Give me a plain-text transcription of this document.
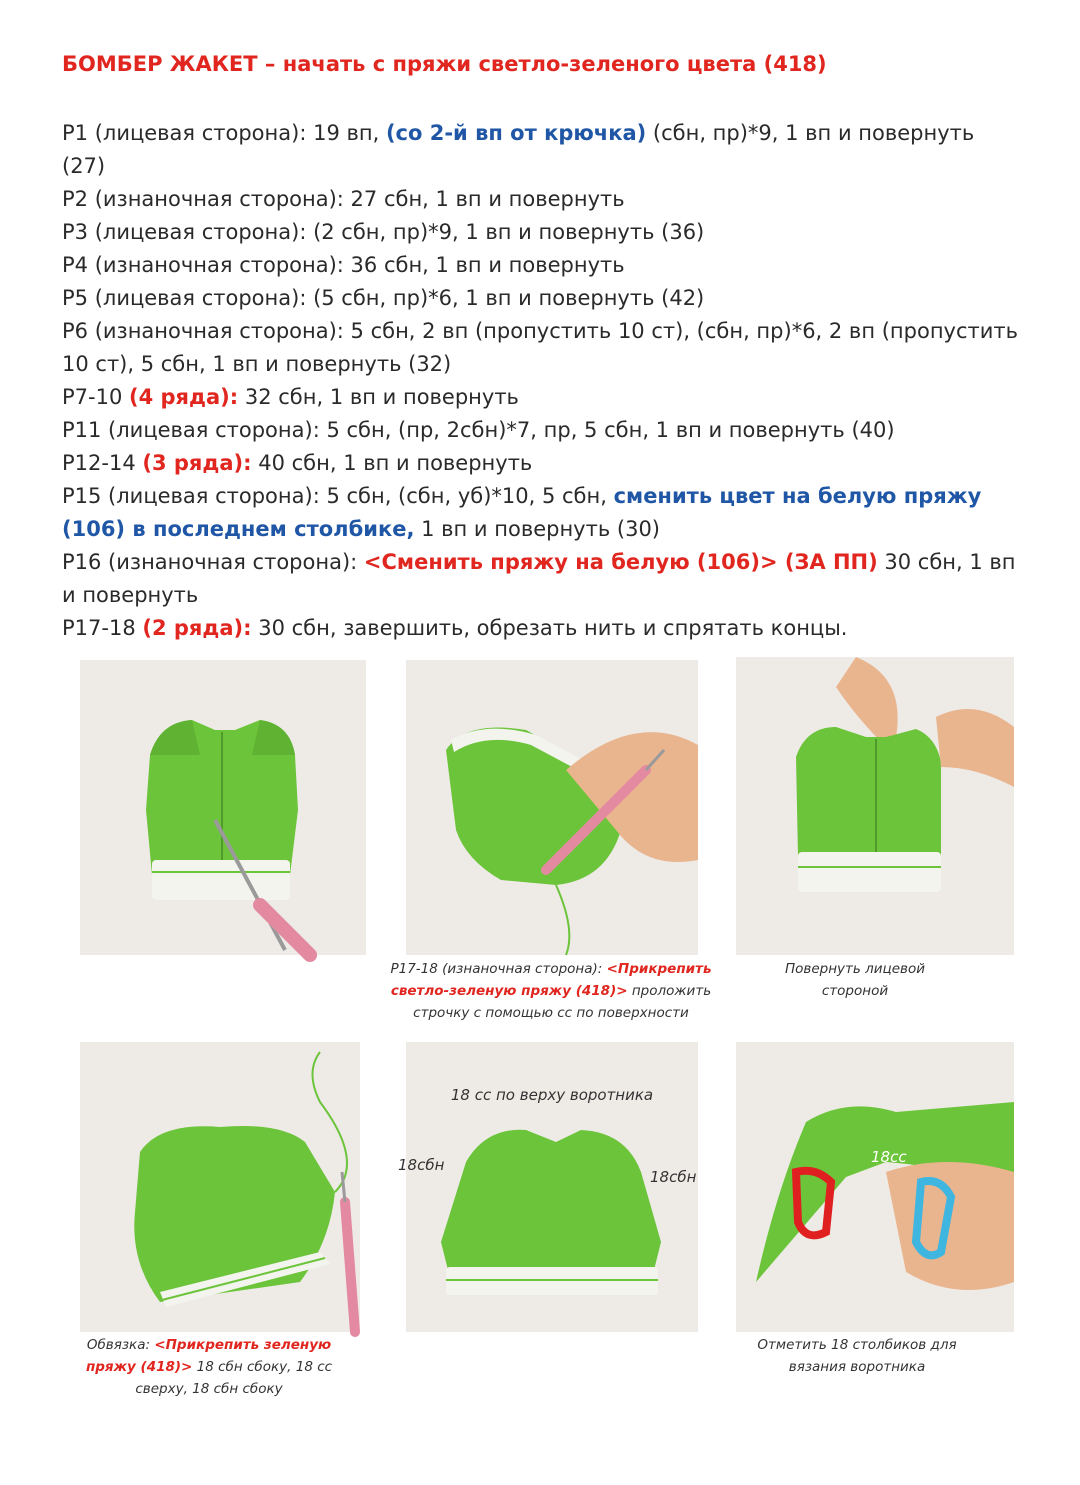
БОМБЕР ЖАКЕТ – начать с пряжи светло-зеленого цвета (418)

Р1 (лицевая сторона): 19 вп, (со 2-й вп от крючка) (сбн, пр)*9, 1 вп и повернуть (27)

Р2 (изнаночная сторона): 27 сбн, 1 вп и повернуть

Р3 (лицевая сторона): (2 сбн, пр)*9, 1 вп и повернуть (36)

Р4 (изнаночная сторона): 36 сбн, 1 вп и повернуть

Р5 (лицевая сторона): (5 сбн, пр)*6, 1 вп и повернуть (42)

Р6 (изнаночная сторона): 5 сбн, 2 вп (пропустить 10 ст), (сбн, пр)*6, 2 вп (пропустить 10 ст), 5 сбн, 1 вп и повернуть (32)

Р7-10 (4 ряда): 32 сбн, 1 вп и повернуть

Р11 (лицевая сторона): 5 сбн, (пр, 2сбн)*7, пр, 5 сбн, 1 вп и повернуть (40)

Р12-14 (3 ряда): 40 сбн, 1 вп и повернуть

Р15 (лицевая сторона): 5 сбн, (сбн, уб)*10, 5 сбн, сменить цвет на белую пряжу (106) в последнем столбике, 1 вп и повернуть (30)

Р16 (изнаночная сторона): <Сменить пряжу на белую (106)> (ЗА ПП) 30 сбн, 1 вп и повернуть

Р17-18 (2 ряда): 30 сбн, завершить, обрезать нить и спрятать концы.

Р17-18 (изнаночная сторона): <Прикрепить светло-зеленую пряжу (418)> проложить строчку с помощью сс по поверхности
Повернуть лицевой стороной
18 сс по верху воротника
18сбн
18сбн
18сс
Обвязка: <Прикрепить зеленую пряжу (418)> 18 сбн сбоку, 18 сс сверху, 18 сбн сбоку
Отметить 18 столбиков для вязания воротника
